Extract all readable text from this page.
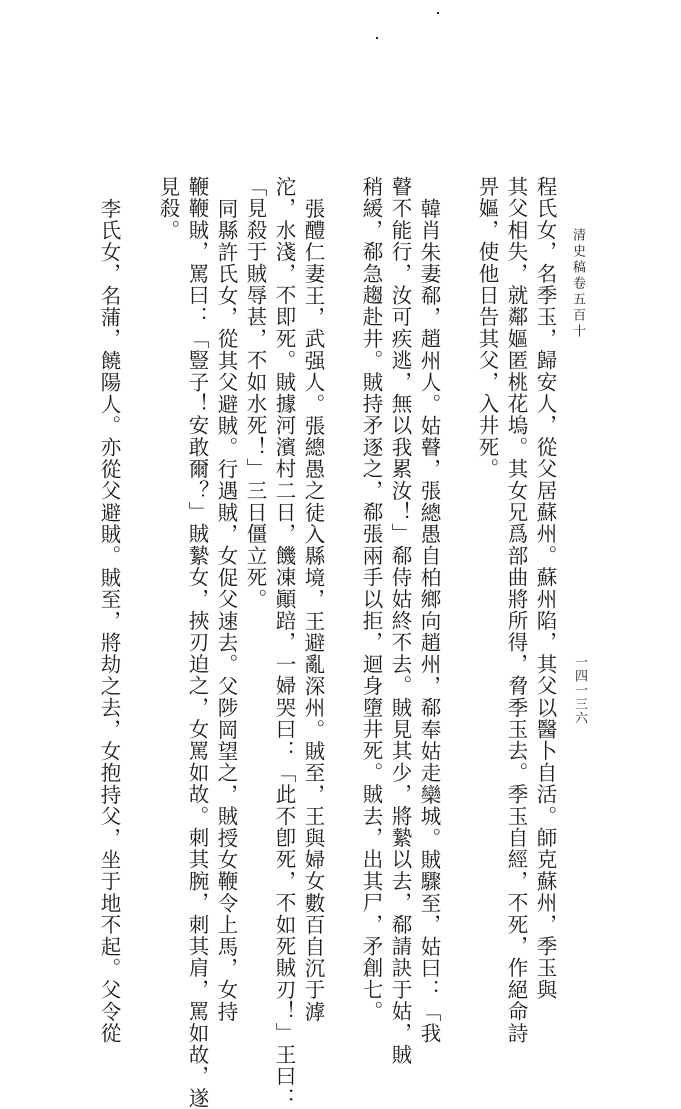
清史稿卷五百十
一四一三六
程氏女，名季玉，歸安人，從父居蘇州。蘇州陷，其父以醫卜自活。師克蘇州，季玉與
其父相失，就鄰嫗匿桃花塢。其女兄爲部曲將所得，脅季玉去。季玉自經，不死，作絕命詩
畀嫗，使他日告其父，入井死。
韓肖朱妻郗，趙州人。姑瞽，張總愚自柏鄉向趙州，郗奉姑走欒城。賊驟至，姑曰：「我
瞽不能行，汝可疾逃，無以我累汝！」郗侍姑終不去。賊見其少，將縶以去，郗請訣于姑，賊
稍緩，郗急趨赴井。賊持矛逐之，郗張兩手以拒，迴身墮井死。賊去，出其尸，矛創七。
張醴仁妻王，武强人。張總愚之徒入縣境，王避亂深州。賊至，王與婦女數百自沉于滹
沱，水淺，不即死。賊據河濱村二日，饑凍顚踣，一婦哭曰：「此不卽死，不如死賊刃！」王曰：
「見殺于賊辱甚，不如水死！」三日僵立死。
同縣許氏女，從其父避賊。行遇賊，女促父速去。父陟岡望之，賊授女鞭令上馬，女持
鞭鞭賊，罵曰：「豎子！安敢爾？」賊縶女，挾刃迫之，女罵如故。刺其腕，刺其肩，罵如故，遂
見殺。
李氏女，名蒲，饒陽人。亦從父避賊。賊至，將劫之去，女抱持父，坐于地不起。父令從
